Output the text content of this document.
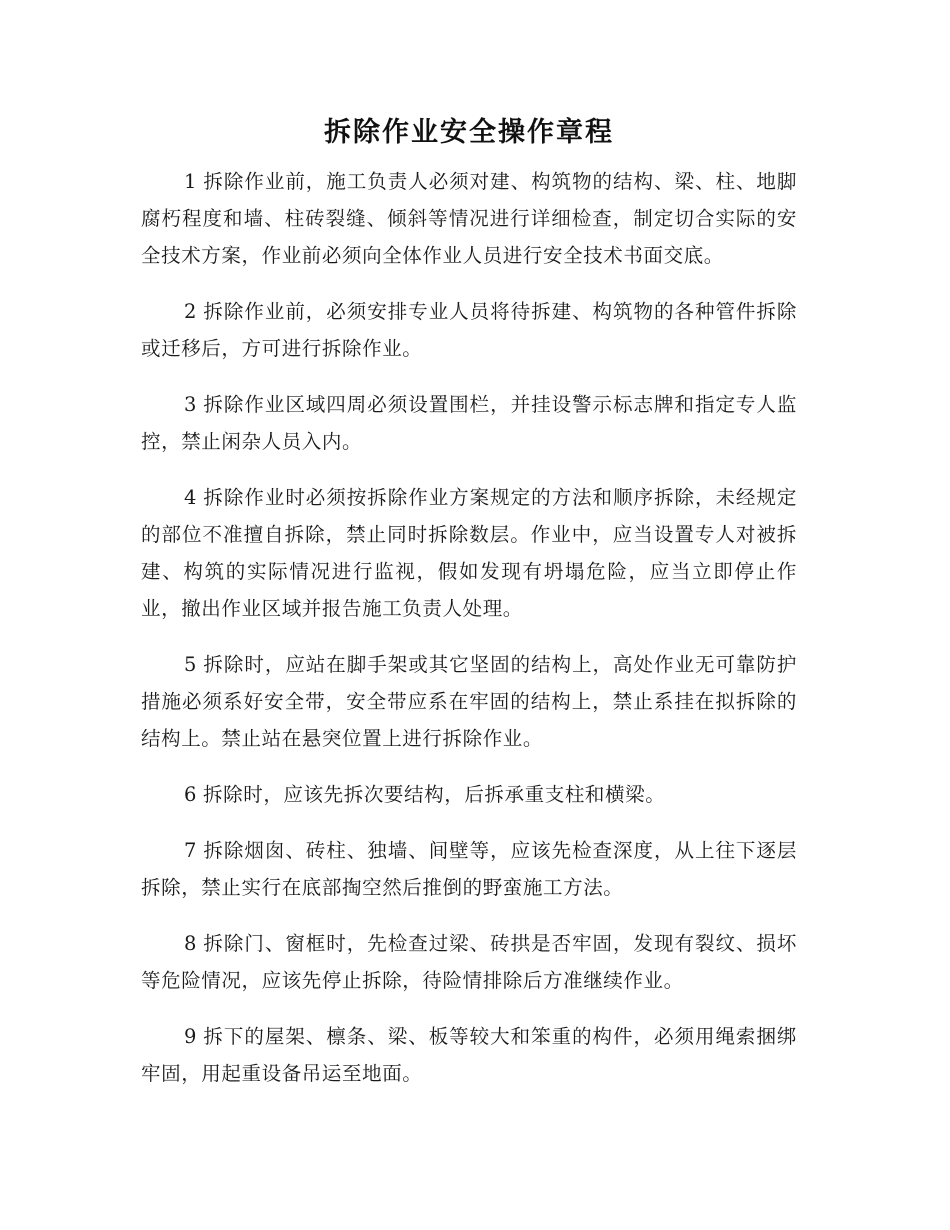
拆除作业安全操作章程

1 拆除作业前，施工负责人必须对建、构筑物的结构、梁、柱、地脚腐朽程度和墙、柱砖裂缝、倾斜等情况进行详细检查，制定切合实际的安全技术方案，作业前必须向全体作业人员进行安全技术书面交底。

2 拆除作业前，必须安排专业人员将待拆建、构筑物的各种管件拆除或迁移后，方可进行拆除作业。

3 拆除作业区域四周必须设置围栏，并挂设警示标志牌和指定专人监控，禁止闲杂人员入内。

4 拆除作业时必须按拆除作业方案规定的方法和顺序拆除，未经规定的部位不准擅自拆除，禁止同时拆除数层。作业中，应当设置专人对被拆建、构筑的实际情况进行监视，假如发现有坍塌危险，应当立即停止作业，撤出作业区域并报告施工负责人处理。

5 拆除时，应站在脚手架或其它坚固的结构上，高处作业无可靠防护措施必须系好安全带，安全带应系在牢固的结构上，禁止系挂在拟拆除的结构上。禁止站在悬突位置上进行拆除作业。

6 拆除时，应该先拆次要结构，后拆承重支柱和横梁。

7 拆除烟囱、砖柱、独墙、间壁等，应该先检查深度，从上往下逐层拆除，禁止实行在底部掏空然后推倒的野蛮施工方法。

8 拆除门、窗框时，先检查过梁、砖拱是否牢固，发现有裂纹、损坏等危险情况，应该先停止拆除，待险情排除后方准继续作业。

9 拆下的屋架、檩条、梁、板等较大和笨重的构件，必须用绳索捆绑牢固，用起重设备吊运至地面。
